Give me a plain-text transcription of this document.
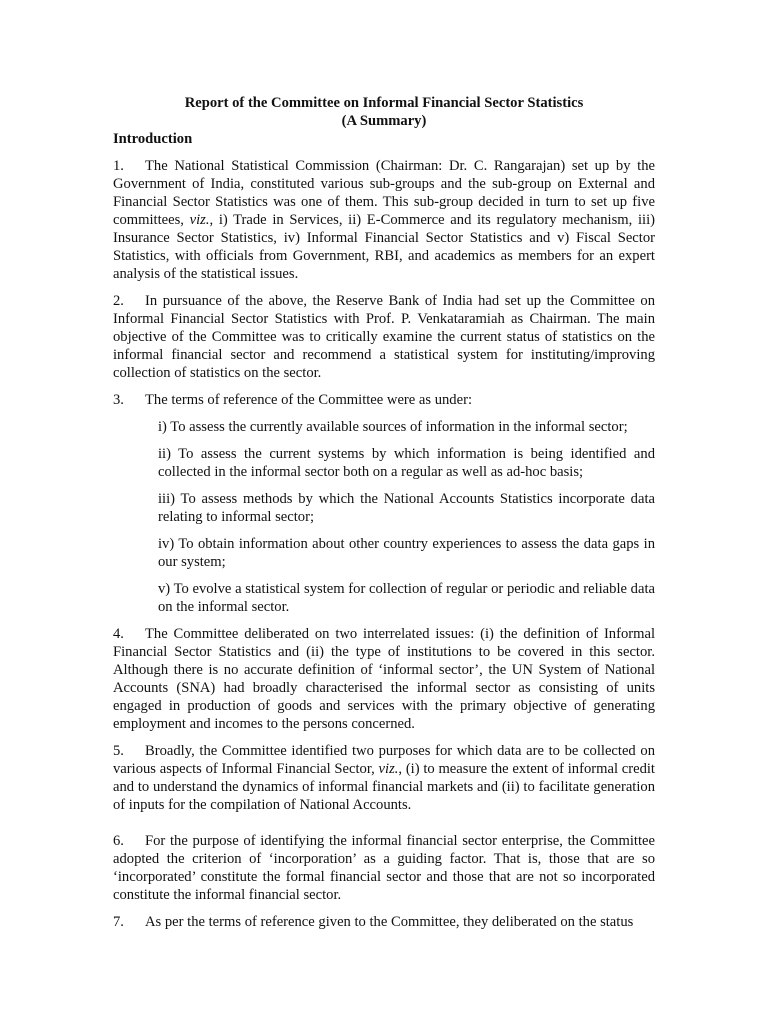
Report of the Committee on Informal Financial Sector Statistics

(A Summary)

Introduction

1. The National Statistical Commission (Chairman: Dr. C. Rangarajan) set up by the Government of India, constituted various sub-groups and the sub-group on External and Financial Sector Statistics was one of them. This sub-group decided in turn to set up five committees, viz., i) Trade in Services, ii) E-Commerce and its regulatory mechanism, iii) Insurance Sector Statistics, iv) Informal Financial Sector Statistics and v) Fiscal Sector Statistics, with officials from Government, RBI, and academics as members for an expert analysis of the statistical issues.

2. In pursuance of the above, the Reserve Bank of India had set up the Committee on Informal Financial Sector Statistics with Prof. P. Venkataramiah as Chairman. The main objective of the Committee was to critically examine the current status of statistics on the informal financial sector and recommend a statistical system for instituting/improving collection of statistics on the sector.

3. The terms of reference of the Committee were as under:

i) To assess the currently available sources of information in the informal sector;
ii) To assess the current systems by which information is being identified and collected in the informal sector both on a regular as well as ad-hoc basis;
iii) To assess methods by which the National Accounts Statistics incorporate data relating to informal sector;
iv) To obtain information about other country experiences to assess the data gaps in our system;
v) To evolve a statistical system for collection of regular or periodic and reliable data on the informal sector.

4. The Committee deliberated on two interrelated issues: (i) the definition of Informal Financial Sector Statistics and (ii) the type of institutions to be covered in this sector. Although there is no accurate definition of ‘informal sector’, the UN System of National Accounts (SNA) had broadly characterised the informal sector as consisting of units engaged in production of goods and services with the primary objective of generating employment and incomes to the persons concerned.

5. Broadly, the Committee identified two purposes for which data are to be collected on various aspects of Informal Financial Sector, viz., (i) to measure the extent of informal credit and to understand the dynamics of informal financial markets and (ii) to facilitate generation of inputs for the compilation of National Accounts.

6. For the purpose of identifying the informal financial sector enterprise, the Committee adopted the criterion of ‘incorporation’ as a guiding factor. That is, those that are so ‘incorporated’ constitute the formal financial sector and those that are not so incorporated constitute the informal financial sector.

7. As per the terms of reference given to the Committee, they deliberated on the status
